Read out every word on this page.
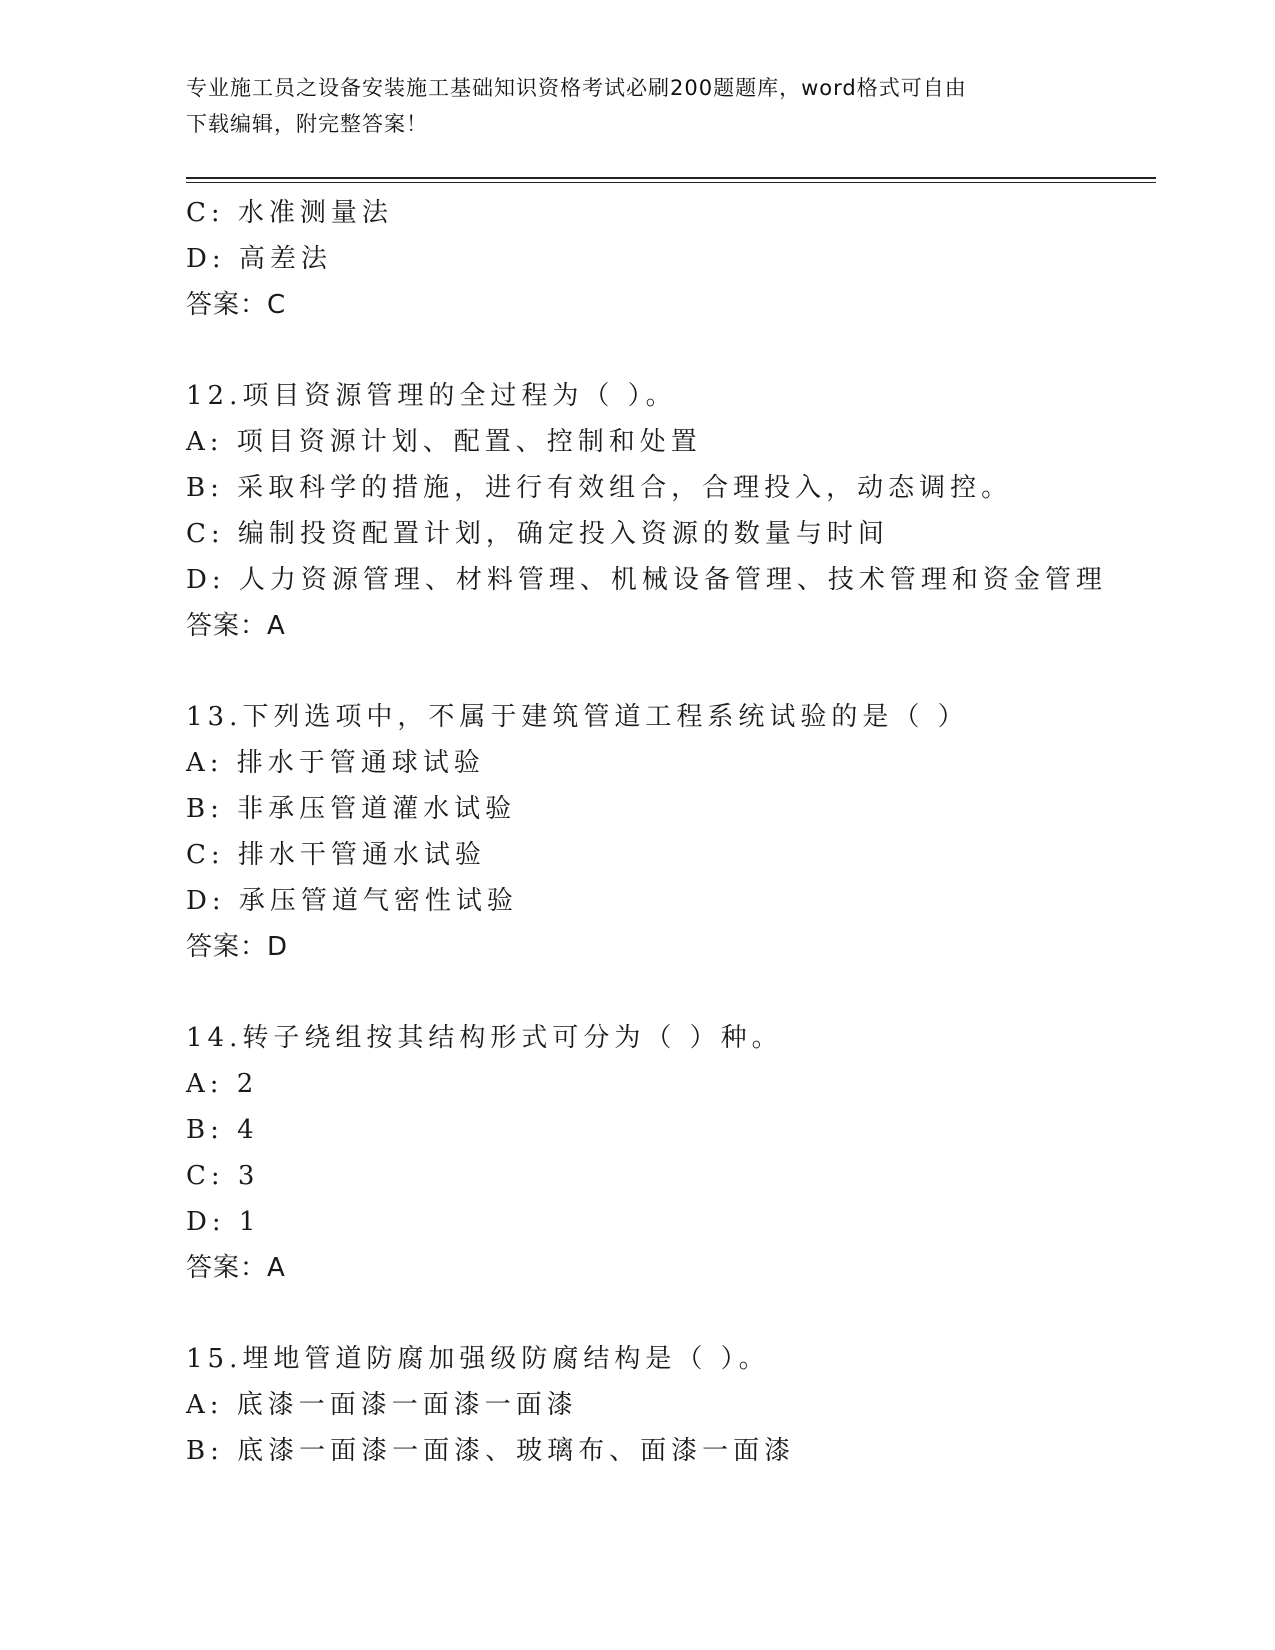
专业施工员之设备安装施工基础知识资格考试必刷200题题库，word格式可自由
下载编辑，附完整答案！
C: 水准测量法
D: 高差法
答案：C
12.项目资源管理的全过程为（ ）。
A: 项目资源计划、配置、控制和处置
B: 采取科学的措施，进行有效组合，合理投入，动态调控。
C: 编制投资配置计划，确定投入资源的数量与时间
D: 人力资源管理、材料管理、机械设备管理、技术管理和资金管理
答案：A
13.下列选项中，不属于建筑管道工程系统试验的是（ ）
A: 排水于管通球试验
B: 非承压管道灌水试验
C: 排水干管通水试验
D: 承压管道气密性试验
答案：D
14.转子绕组按其结构形式可分为（ ）种。
A: 2
B: 4
C: 3
D: 1
答案：A
15.埋地管道防腐加强级防腐结构是（ ）。
A: 底漆一面漆一面漆一面漆
B: 底漆一面漆一面漆、玻璃布、面漆一面漆
